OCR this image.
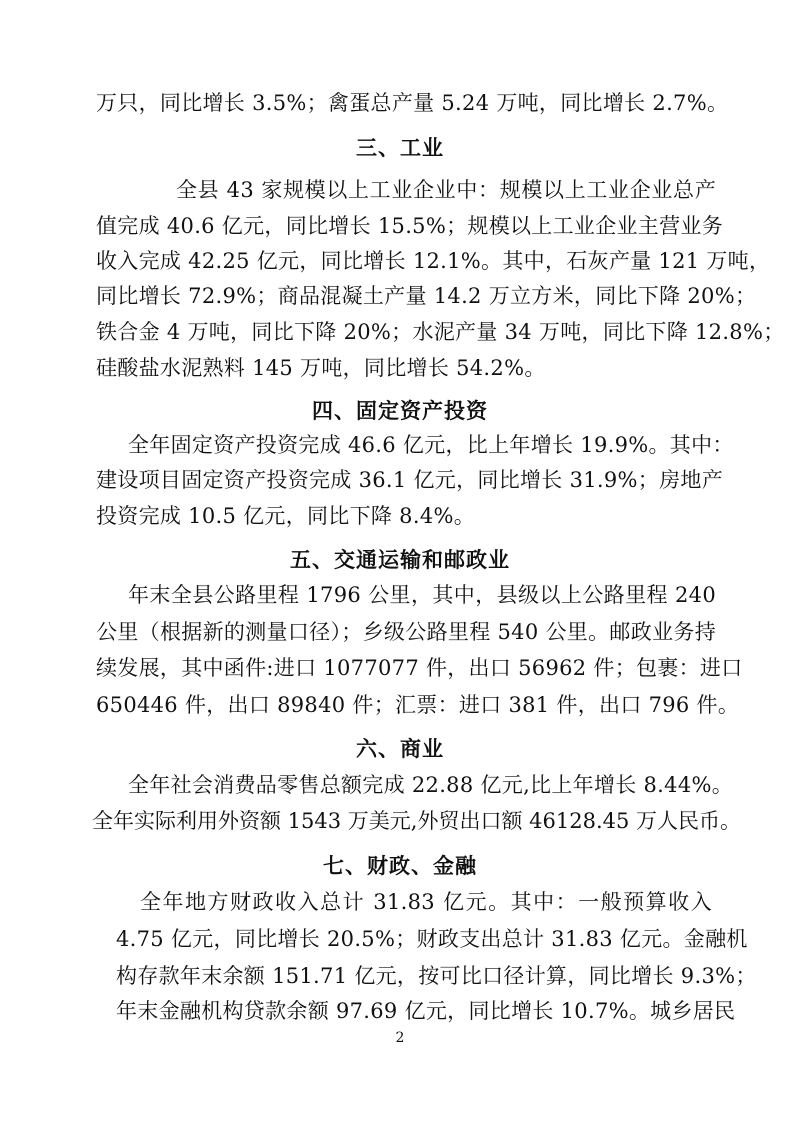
万只，同比增长 3.5%；禽蛋总产量 5.24 万吨，同比增长 2.7%。
三、工业
全县 43 家规模以上工业企业中：规模以上工业企业总产
值完成 40.6 亿元，同比增长 15.5%；规模以上工业企业主营业务
收入完成 42.25 亿元，同比增长 12.1%。其中，石灰产量 121 万吨，
同比增长 72.9%；商品混凝土产量 14.2 万立方米，同比下降 20%；
铁合金 4 万吨，同比下降 20%；水泥产量 34 万吨，同比下降 12.8%；
硅酸盐水泥熟料 145 万吨，同比增长 54.2%。
四、固定资产投资
全年固定资产投资完成 46.6 亿元，比上年增长 19.9%。其中：
建设项目固定资产投资完成 36.1 亿元，同比增长 31.9%；房地产
投资完成 10.5 亿元，同比下降 8.4%。
五、交通运输和邮政业
年末全县公路里程 1796 公里，其中，县级以上公路里程 240
公里（根据新的测量口径）；乡级公路里程 540 公里。邮政业务持
续发展，其中函件:进口 1077077 件，出口 56962 件；包裹：进口
650446 件，出口 89840 件；汇票：进口 381 件，出口 796 件。
六、商业
全年社会消费品零售总额完成 22.88 亿元,比上年增长 8.44%。
全年实际利用外资额 1543 万美元,外贸出口额 46128.45 万人民币。
七、财政、金融
全年地方财政收入总计 31.83 亿元。其中：一般预算收入
4.75 亿元，同比增长 20.5%；财政支出总计 31.83 亿元。金融机
构存款年末余额 151.71 亿元，按可比口径计算，同比增长 9.3%；
年末金融机构贷款余额 97.69 亿元，同比增长 10.7%。城乡居民
2
